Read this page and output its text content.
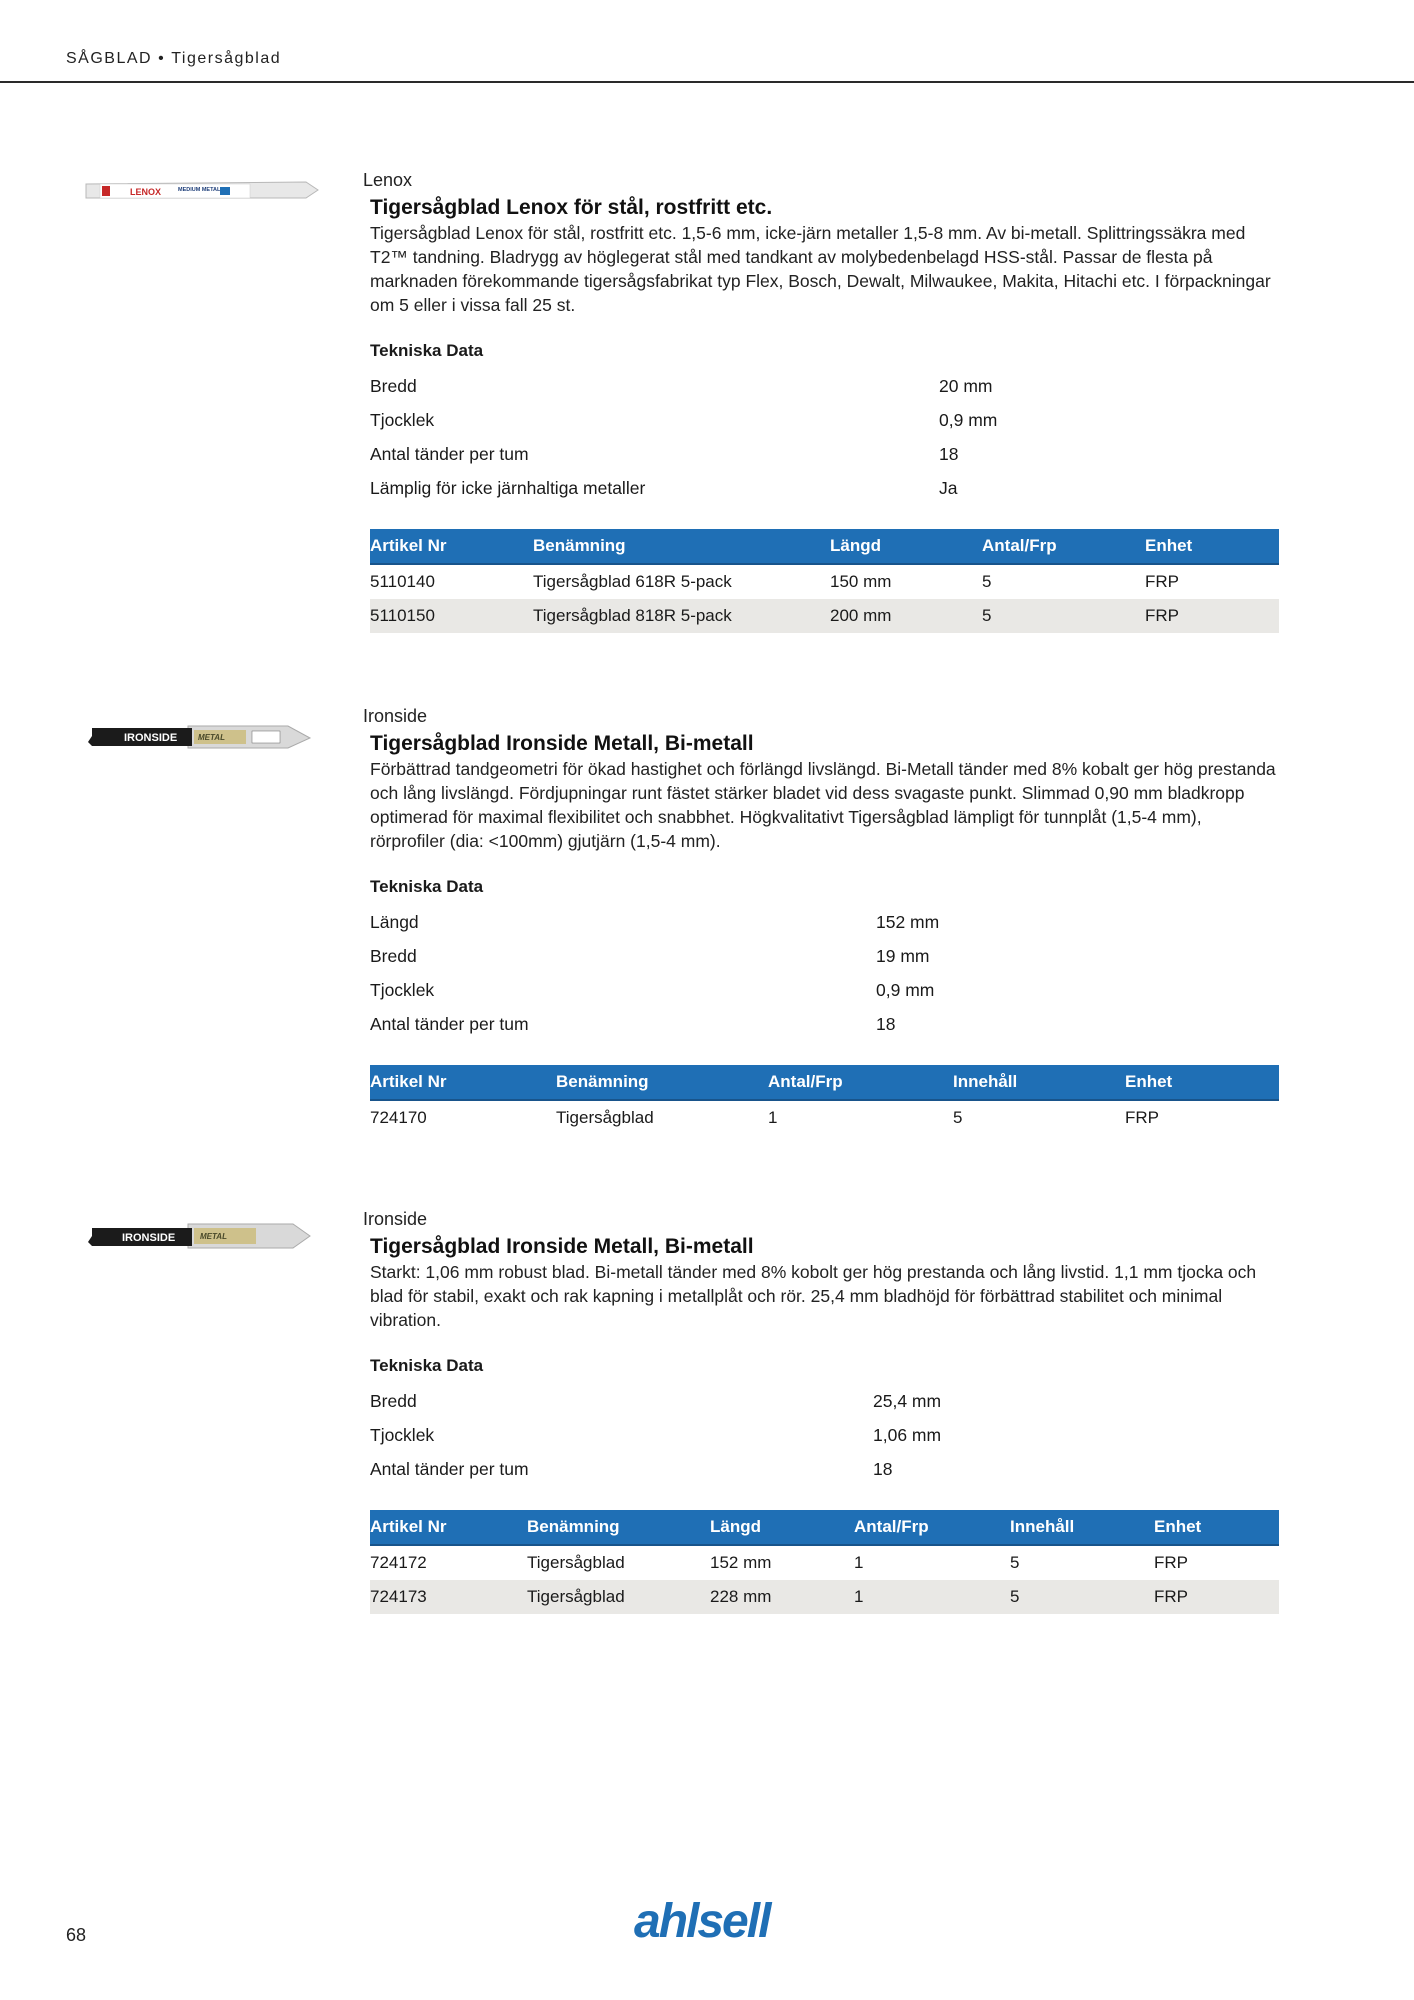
SÅGBLAD • Tigersågblad
LENOX	MEDIUM METAL	Lenox

Tigersågblad Lenox för stål, rostfritt etc.

Tigersågblad Lenox för stål, rostfritt etc. 1,5-6 mm, icke-järn metaller 1,5-8 mm. Av bi-metall. Splittringssäkra med T2™ tandning. Bladrygg av höglegerat stål med tandkant av molybedenbelagd HSS-stål. Passar de flesta på marknaden förekommande tigersågsfabrikat typ Flex, Bosch, Dewalt, Milwaukee, Makita, Hitachi etc. I förpackningar om 5 eller i vissa fall 25 st.

Tekniska Data
Bredd	20 mm
Tjocklek	0,9 mm
Antal tänder per tum	18
Lämplig för icke järnhaltiga metaller	Ja
Artikel Nr	Benämning	Längd	Antal/Frp	Enhet
5110140	Tigersågblad 618R 5-pack	150 mm	5	FRP
5110150	Tigersågblad 818R 5-pack	200 mm	5	FRP
IRONSIDE	METAL

Ironside

Tigersågblad Ironside Metall, Bi-metall

Förbättrad tandgeometri för ökad hastighet och förlängd livslängd. Bi-Metall tänder med 8% kobalt ger hög prestanda och lång livslängd. Fördjupningar runt fästet stärker bladet vid dess svagaste punkt. Slimmad 0,90 mm bladkropp optimerad för maximal flexibilitet och snabbhet. Högkvalitativt Tigersågblad lämpligt för tunnplåt (1,5-4 mm), rörprofiler (dia: <100mm) gjutjärn (1,5-4 mm).

Tekniska Data
Längd	152 mm
Bredd	19 mm
Tjocklek	0,9 mm
Antal tänder per tum	18
Artikel Nr	Benämning	Antal/Frp	Innehåll	Enhet
724170	Tigersågblad	1	5	FRP
IRONSIDE	METAL

Ironside

Tigersågblad Ironside Metall, Bi-metall

Starkt: 1,06 mm robust blad. Bi-metall tänder med 8% kobolt ger hög prestanda och lång livstid. 1,1 mm tjocka och blad för stabil, exakt och rak kapning i metallplåt och rör. 25,4 mm bladhöjd för förbättrad stabilitet och minimal vibration.

Tekniska Data
Bredd	25,4 mm
Tjocklek	1,06 mm
Antal tänder per tum	18
Artikel Nr	Benämning	Längd	Antal/Frp	Innehåll	Enhet
724172	Tigersågblad	152 mm	1	5	FRP
724173	Tigersågblad	228 mm	1	5	FRP
68	ahlsell
